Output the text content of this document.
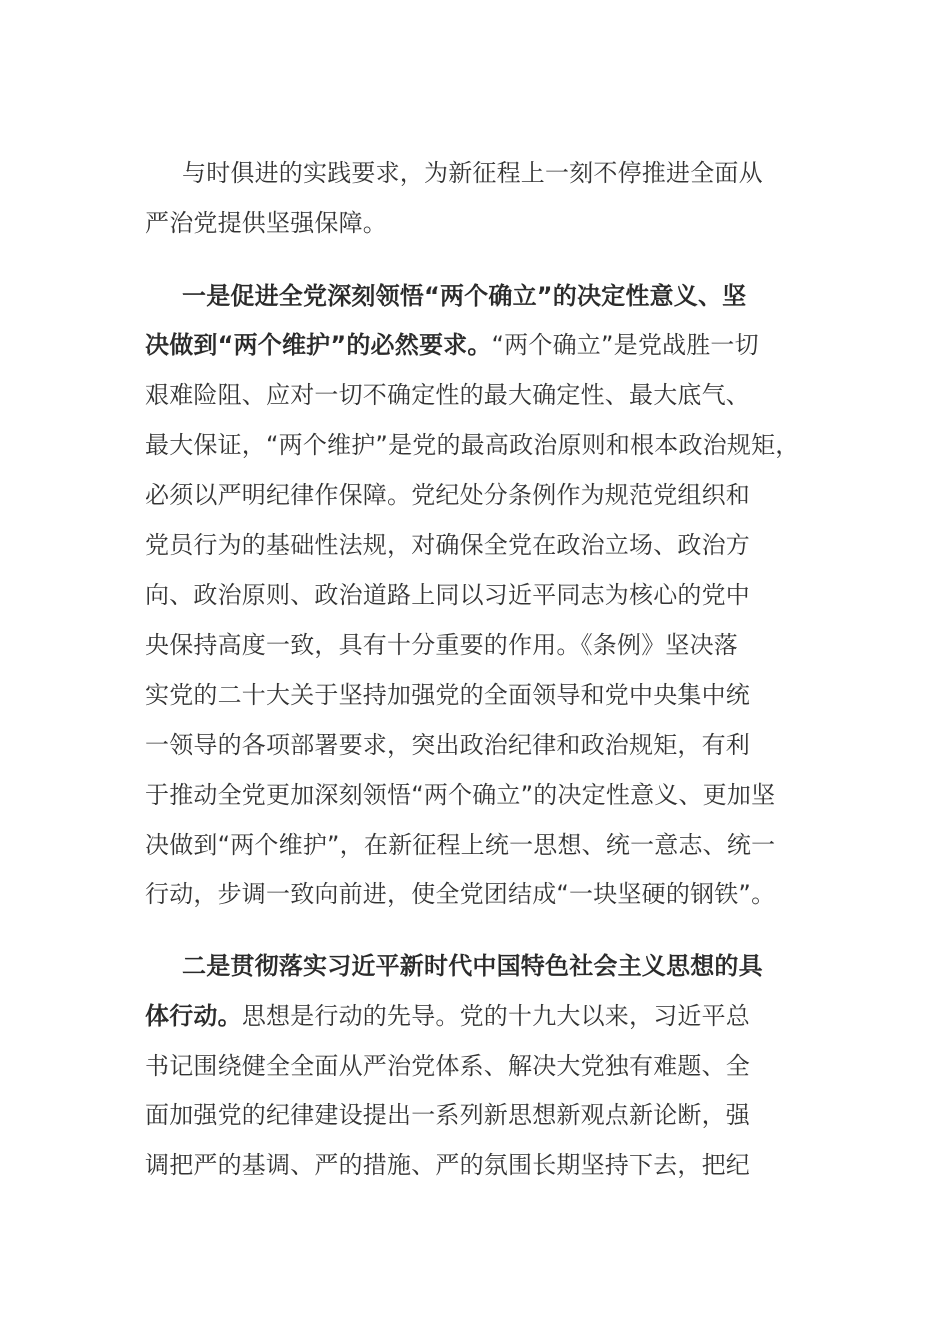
与时俱进的实践要求，为新征程上一刻不停推进全面从
严治党提供坚强保障。
一是促进全党深刻领悟“两个确立”的决定性意义、坚
决做到“两个维护”的必然要求。“两个确立”是党战胜一切
艰难险阻、应对一切不确定性的最大确定性、最大底气、
最大保证，“两个维护”是党的最高政治原则和根本政治规矩，
必须以严明纪律作保障。党纪处分条例作为规范党组织和
党员行为的基础性法规，对确保全党在政治立场、政治方
向、政治原则、政治道路上同以习近平同志为核心的党中
央保持高度一致，具有十分重要的作用。《条例》坚决落
实党的二十大关于坚持加强党的全面领导和党中央集中统
一领导的各项部署要求，突出政治纪律和政治规矩，有利
于推动全党更加深刻领悟“两个确立”的决定性意义、更加坚
决做到“两个维护”，在新征程上统一思想、统一意志、统一
行动，步调一致向前进，使全党团结成“一块坚硬的钢铁”。
二是贯彻落实习近平新时代中国特色社会主义思想的具
体行动。思想是行动的先导。党的十九大以来，习近平总
书记围绕健全全面从严治党体系、解决大党独有难题、全
面加强党的纪律建设提出一系列新思想新观点新论断，强
调把严的基调、严的措施、严的氛围长期坚持下去，把纪
